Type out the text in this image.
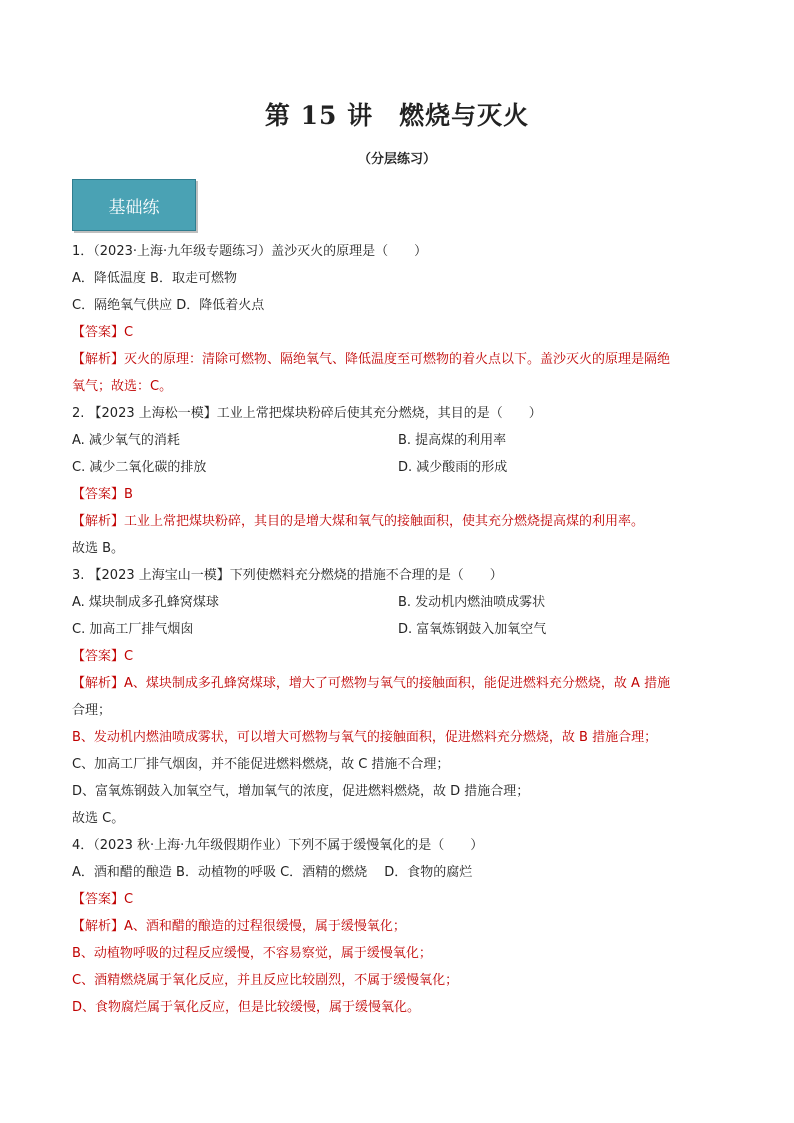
第 15 讲　燃烧与灭火
（分层练习）
基础练
1．（2023·上海·九年级专题练习）盖沙灭火的原理是（　　）
A．降低温度 B．取走可燃物
C．隔绝氧气供应 D．降低着火点
【答案】C
【解析】灭火的原理：清除可燃物、隔绝氧气、降低温度至可燃物的着火点以下。盖沙灭火的原理是隔绝
氧气；故选：C。
2. 【2023 上海松一模】工业上常把煤块粉碎后使其充分燃烧，其目的是（　　）
A. 减少氧气的消耗	B. 提高煤的利用率
C. 减少二氧化碳的排放	D. 减少酸雨的形成
【答案】B
【解析】工业上常把煤块粉碎，其目的是增大煤和氧气的接触面积，使其充分燃烧提高煤的利用率。
故选 B。
3. 【2023 上海宝山一模】下列使燃料充分燃烧的措施不合理的是（　　）
A. 煤块制成多孔蜂窝煤球	B. 发动机内燃油喷成雾状
C. 加高工厂排气烟囱	D. 富氧炼钢鼓入加氧空气
【答案】C
【解析】A、煤块制成多孔蜂窝煤球，增大了可燃物与氧气的接触面积，能促进燃料充分燃烧，故 A 措施
合理；
B、发动机内燃油喷成雾状，可以增大可燃物与氧气的接触面积，促进燃料充分燃烧，故 B 措施合理；
C、加高工厂排气烟囱，并不能促进燃料燃烧，故 C 措施不合理；
D、富氧炼钢鼓入加氧空气，增加氧气的浓度，促进燃料燃烧，故 D 措施合理；
故选 C。
4．（2023 秋·上海·九年级假期作业）下列不属于缓慢氧化的是（　　）
A．酒和醋的酿造 B．动植物的呼吸 C．酒精的燃烧　 D．食物的腐烂
【答案】C
【解析】A、酒和醋的酿造的过程很缓慢，属于缓慢氧化；
B、动植物呼吸的过程反应缓慢，不容易察觉，属于缓慢氧化；
C、酒精燃烧属于氧化反应，并且反应比较剧烈，不属于缓慢氧化；
D、食物腐烂属于氧化反应，但是比较缓慢，属于缓慢氧化。
